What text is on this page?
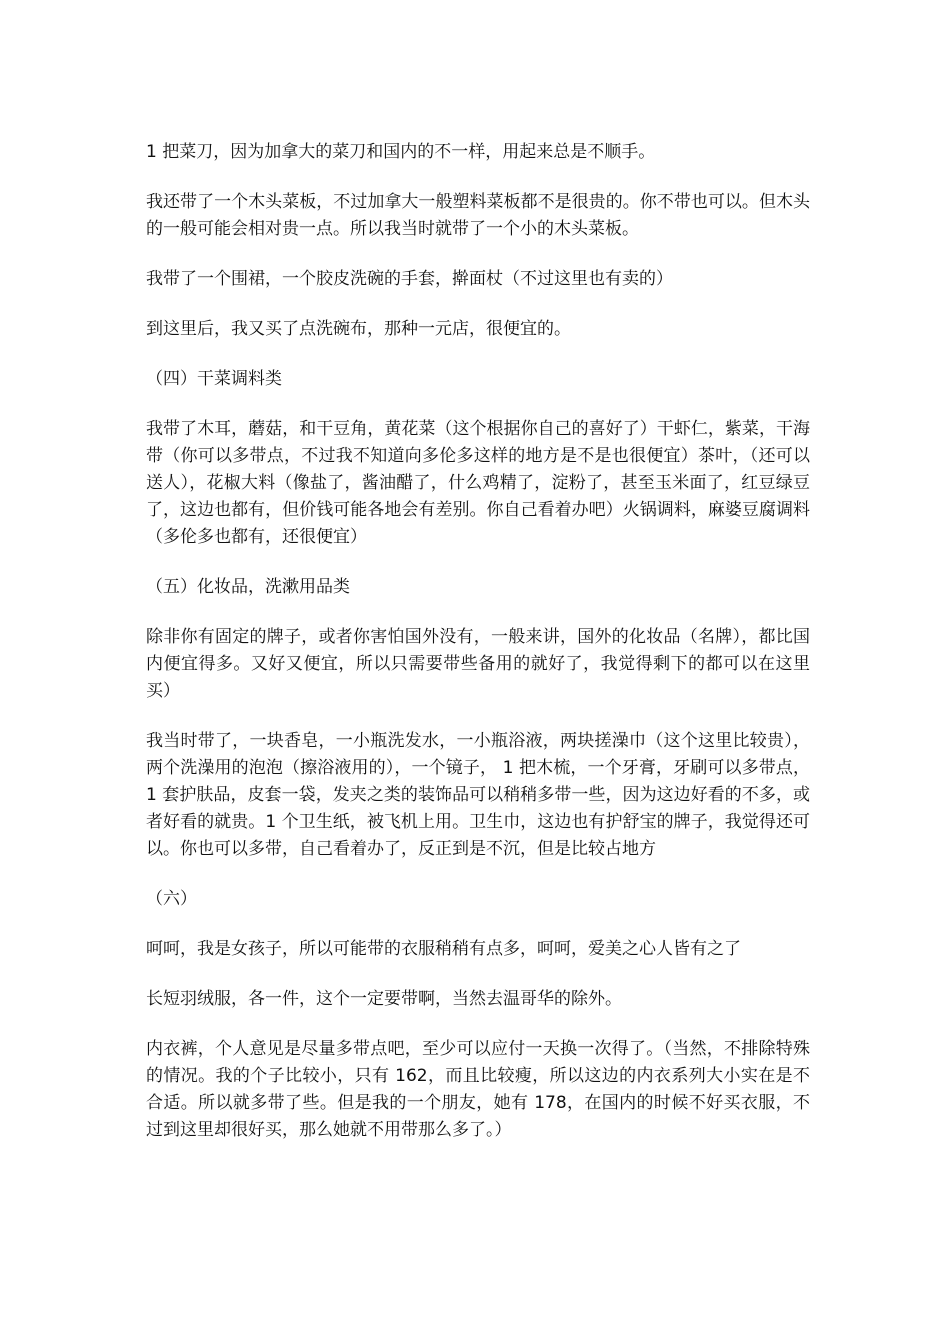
1 把菜刀，因为加拿大的菜刀和国内的不一样，用起来总是不顺手。

我还带了一个木头菜板，不过加拿大一般塑料菜板都不是很贵的。你不带也可以。但木头的一般可能会相对贵一点。所以我当时就带了一个小的木头菜板。

我带了一个围裙，一个胶皮洗碗的手套，擀面杖（不过这里也有卖的）

到这里后，我又买了点洗碗布，那种一元店，很便宜的。

（四）干菜调料类

我带了木耳，蘑菇，和干豆角，黄花菜（这个根据你自己的喜好了）干虾仁，紫菜，干海带（你可以多带点，不过我不知道向多伦多这样的地方是不是也很便宜）茶叶，（还可以送人），花椒大料（像盐了，酱油醋了，什么鸡精了，淀粉了，甚至玉米面了，红豆绿豆了，这边也都有，但价钱可能各地会有差别。你自己看着办吧）火锅调料，麻婆豆腐调料（多伦多也都有，还很便宜）

（五）化妆品，洗漱用品类

除非你有固定的牌子，或者你害怕国外没有，一般来讲，国外的化妆品（名牌），都比国内便宜得多。又好又便宜，所以只需要带些备用的就好了，我觉得剩下的都可以在这里买）

我当时带了，一块香皂，一小瓶洗发水，一小瓶浴液，两块搓澡巾（这个这里比较贵），两个洗澡用的泡泡（擦浴液用的），一个镜子， 1 把木梳，一个牙膏，牙刷可以多带点，1 套护肤品，皮套一袋，发夹之类的装饰品可以稍稍多带一些，因为这边好看的不多，或者好看的就贵。1 个卫生纸，被飞机上用。卫生巾，这边也有护舒宝的牌子，我觉得还可以。你也可以多带，自己看着办了，反正到是不沉，但是比较占地方

（六）

呵呵，我是女孩子，所以可能带的衣服稍稍有点多，呵呵，爱美之心人皆有之了

长短羽绒服，各一件，这个一定要带啊，当然去温哥华的除外。

内衣裤，个人意见是尽量多带点吧，至少可以应付一天换一次得了。（当然，不排除特殊的情况。我的个子比较小，只有 162，而且比较瘦，所以这边的内衣系列大小实在是不合适。所以就多带了些。但是我的一个朋友，她有 178，在国内的时候不好买衣服，不过到这里却很好买，那么她就不用带那么多了。）
